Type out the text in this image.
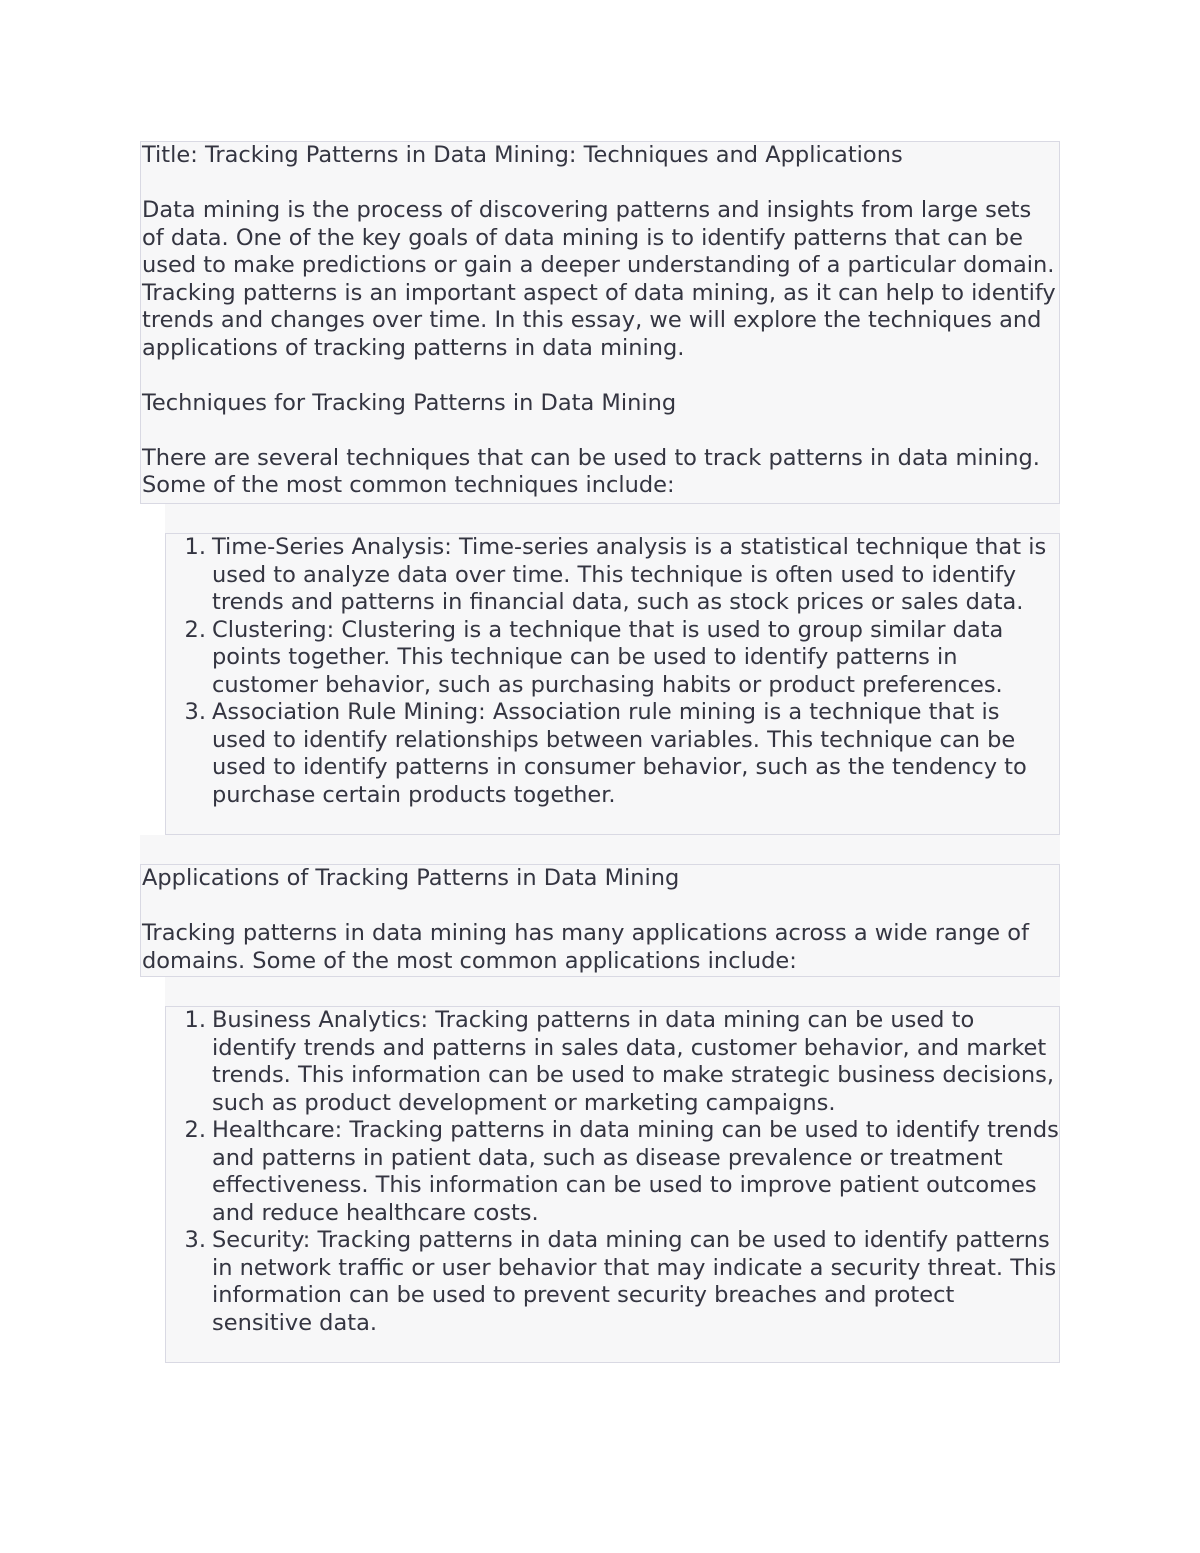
Title: Tracking Patterns in Data Mining: Techniques and Applications

Data mining is the process of discovering patterns and insights from large sets of data. One of the key goals of data mining is to identify patterns that can be used to make predictions or gain a deeper understanding of a particular domain. Tracking patterns is an important aspect of data mining, as it can help to identify trends and changes over time. In this essay, we will explore the techniques and applications of tracking patterns in data mining.

Techniques for Tracking Patterns in Data Mining

There are several techniques that can be used to track patterns in data mining. Some of the most common techniques include:

1. Time-Series Analysis: Time-series analysis is a statistical technique that is used to analyze data over time. This technique is often used to identify trends and patterns in financial data, such as stock prices or sales data.
2. Clustering: Clustering is a technique that is used to group similar data points together. This technique can be used to identify patterns in customer behavior, such as purchasing habits or product preferences.
3. Association Rule Mining: Association rule mining is a technique that is used to identify relationships between variables. This technique can be used to identify patterns in consumer behavior, such as the tendency to purchase certain products together.

Applications of Tracking Patterns in Data Mining

Tracking patterns in data mining has many applications across a wide range of domains. Some of the most common applications include:

1. Business Analytics: Tracking patterns in data mining can be used to identify trends and patterns in sales data, customer behavior, and market trends. This information can be used to make strategic business decisions, such as product development or marketing campaigns.
2. Healthcare: Tracking patterns in data mining can be used to identify trends and patterns in patient data, such as disease prevalence or treatment effectiveness. This information can be used to improve patient outcomes and reduce healthcare costs.
3. Security: Tracking patterns in data mining can be used to identify patterns in network traffic or user behavior that may indicate a security threat. This information can be used to prevent security breaches and protect sensitive data.
